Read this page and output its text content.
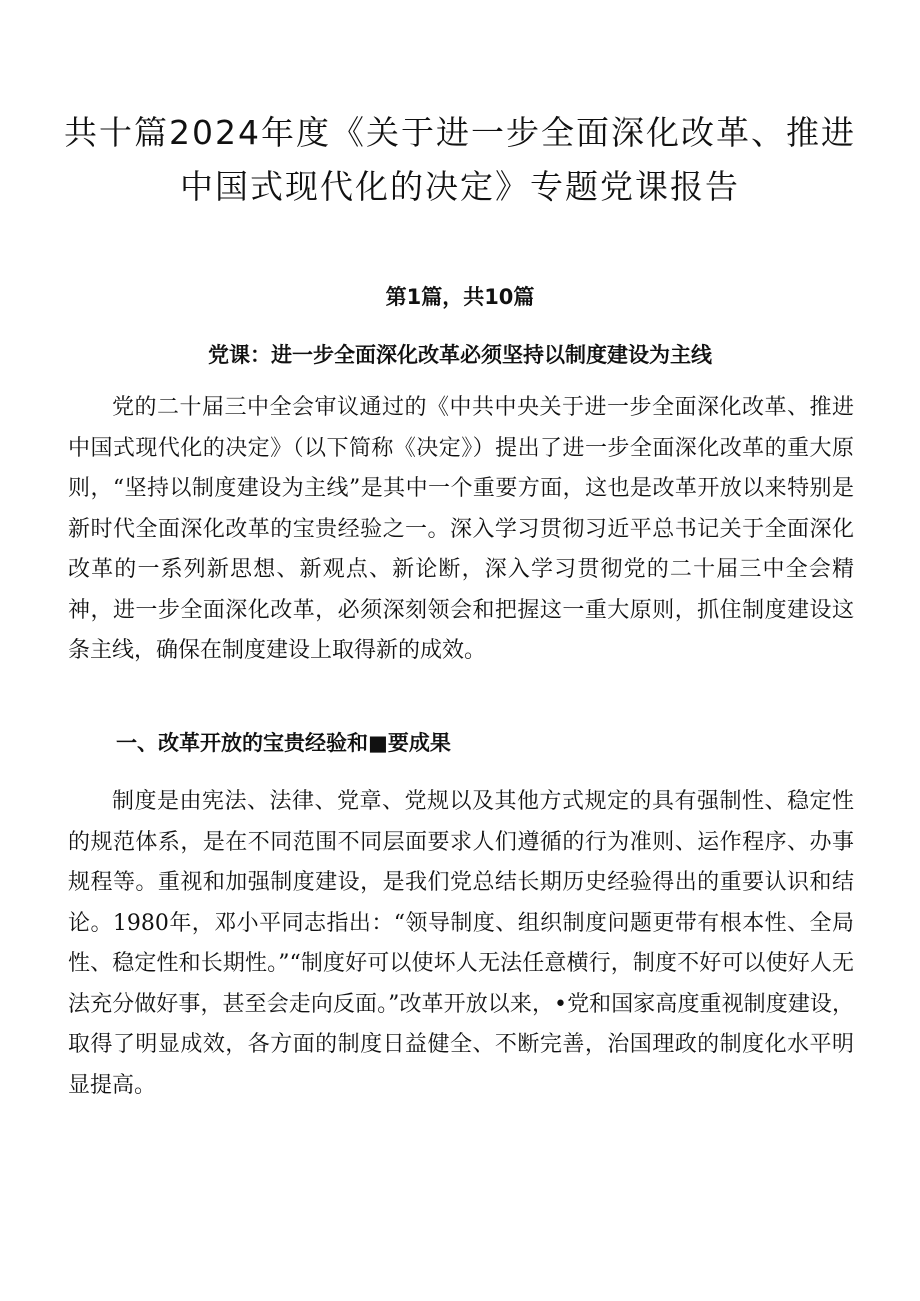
共十篇2024年度《关于进一步全面深化改革、推进
中国式现代化的决定》专题党课报告
第1篇，共10篇
党课：进一步全面深化改革必须坚持以制度建设为主线

党的二十届三中全会审议通过的《中共中央关于进一步全面深化改革、推进中国式现代化的决定》（以下简称《决定》）提出了进一步全面深化改革的重大原则，“坚持以制度建设为主线”是其中一个重要方面，这也是改革开放以来特别是新时代全面深化改革的宝贵经验之一。深入学习贯彻习近平总书记关于全面深化改革的一系列新思想、新观点、新论断，深入学习贯彻党的二十届三中全会精神，进一步全面深化改革，必须深刻领会和把握这一重大原则，抓住制度建设这条主线，确保在制度建设上取得新的成效。

一、改革开放的宝贵经验和■要成果

制度是由宪法、法律、党章、党规以及其他方式规定的具有强制性、稳定性的规范体系，是在不同范围不同层面要求人们遵循的行为准则、运作程序、办事规程等。重视和加强制度建设，是我们党总结长期历史经验得出的重要认识和结论。1980年，邓小平同志指出：“领导制度、组织制度问题更带有根本性、全局性、稳定性和长期性。”“制度好可以使坏人无法任意横行，制度不好可以使好人无法充分做好事，甚至会走向反面。”改革开放以来，•党和国家高度重视制度建设，取得了明显成效，各方面的制度日益健全、不断完善，治国理政的制度化水平明显提高。
